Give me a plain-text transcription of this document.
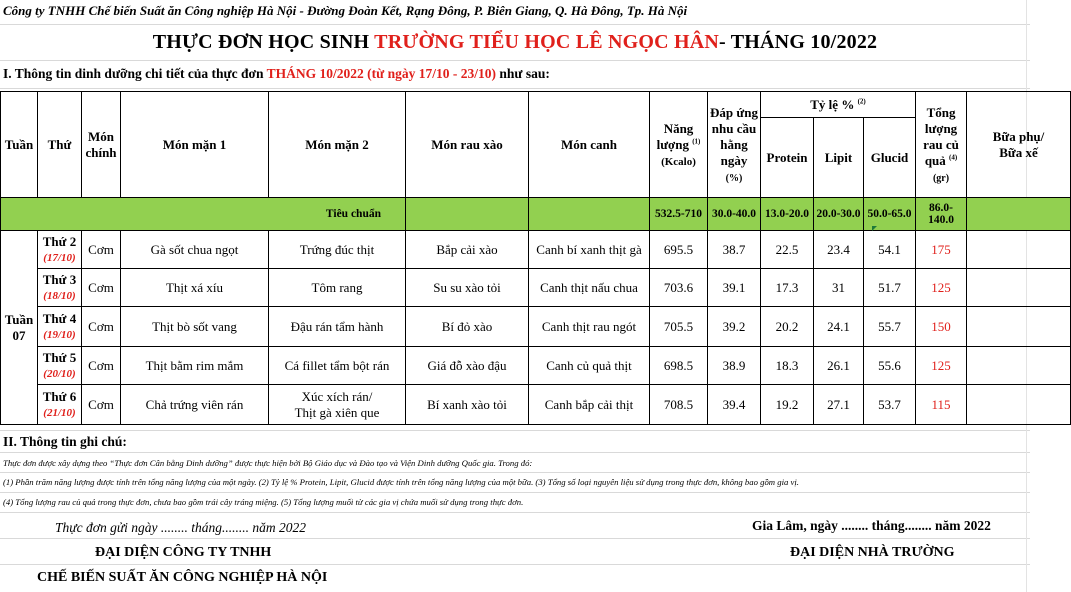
Công ty TNHH Chế biến Suất ăn Công nghiệp Hà Nội - Đường Đoàn Kết, Rạng Đông, P. Biên Giang, Q. Hà Đông, Tp. Hà Nội
THỰC ĐƠN HỌC SINH TRƯỜNG TIỂU HỌC LÊ NGỌC HÂN- THÁNG 10/2022
I. Thông tin dinh dưỡng chi tiết của thực đơn THÁNG 10/2022 (từ ngày 17/10 - 23/10) như sau:
Tuần	Thứ	Món
chính	Món mặn 1	Món mặn 2	Món rau xào	Món canh	Năng
lượng $^{(1)}$
(Kcalo)	Đáp ứng
nhu cầu
hằng
ngày
(%)	Tỷ lệ % $^{(2)}$			Tổng
lượng
rau củ
quả $^{(4)}$
(gr)	Bữa phụ/
Bữa xế
									Protein	Lipit	Glucid		
Tiêu chuẩn							532.5-710	30.0-40.0	13.0-20.0	20.0-30.0	50.0-65.0	86.0-140.0	
Tuần
07	Thứ 2
(17/10)	Cơm	Gà sốt chua ngọt	Trứng đúc thịt	Bắp cải xào	Canh bí xanh thịt gà	695.5	38.7	22.5	23.4	54.1	175	
	Thứ 3
(18/10)	Cơm	Thịt xá xíu	Tôm rang	Su su xào tỏi	Canh thịt nấu chua	703.6	39.1	17.3	31	51.7	125	
	Thứ 4
(19/10)	Cơm	Thịt bò sốt vang	Đậu rán tẩm hành	Bí đỏ xào	Canh thịt rau ngót	705.5	39.2	20.2	24.1	55.7	150	
	Thứ 5
(20/10)	Cơm	Thịt bằm rim mắm	Cá fillet tẩm bột rán	Giá đỗ xào đậu	Canh củ quả thịt	698.5	38.9	18.3	26.1	55.6	125	
	Thứ 6
(21/10)	Cơm	Chả trứng viên rán	Xúc xích rán/
Thịt gà xiên que	Bí xanh xào tỏi	Canh bắp cải thịt	708.5	39.4	19.2	27.1	53.7	115	
II. Thông tin ghi chú:
Thực đơn được xây dựng theo “Thực đơn Cân bằng Dinh dưỡng” được thực hiện bởi Bộ Giáo dục và Đào tạo và Viện Dinh dưỡng Quốc gia. Trong đó:
(1) Phần trăm năng lượng được tính trên tổng năng lượng của một ngày. (2) Tỷ lệ % Protein, Lipit, Glucid được tính trên tổng năng lượng của một bữa. (3) Tổng số loại nguyên liệu sử dụng trong thực đơn, không bao gồm gia vị.
(4) Tổng lượng rau củ quả trong thực đơn, chưa bao gồm trái cây tráng miệng. (5) Tổng lượng muối từ các gia vị chứa muối sử dụng trong thực đơn.
Thực đơn gửi ngày ........ tháng........ năm 2022	Gia Lâm, ngày ........ tháng........ năm 2022
ĐẠI DIỆN CÔNG TY TNHH	ĐẠI DIỆN NHÀ TRƯỜNG
CHẾ BIẾN SUẤT ĂN CÔNG NGHIỆP HÀ NỘI
